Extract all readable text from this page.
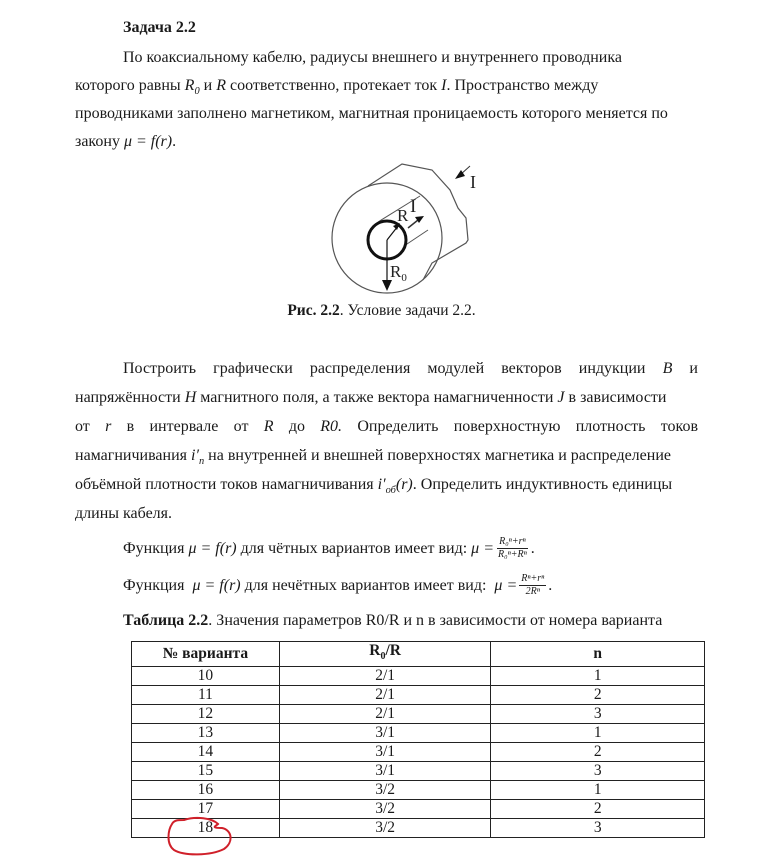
Задача 2.2
По коаксиальному кабелю, радиусы внешнего и внутреннего проводника
которого равны $R_0$ и R соответственно, протекает ток I. Пространство между
проводниками заполнено магнетиком, магнитная проницаемость которого меняется по
закону μ = f(r).
I
I
R
$R_0$
Рис. 2.2. Условие задачи 2.2.
Построить графически распределения модулей векторов индукции B и
напряжённости H магнитного поля, а также вектора намагниченности J в зависимости
от r в интервале от R до R0. Определить поверхностную плотность токов
намагничивания $i'_п$ на внутренней и внешней поверхностях магнетика и распределение
объёмной плотности токов намагничивания $i'_{об}(r)$. Определить индуктивность единицы
длины кабеля.
Функция μ = f(r) для чётных вариантов имеет вид: $\mu = \frac{\text{R₀ⁿ+rⁿ}}{\text{R₀ⁿ+Rⁿ}}$ .
Функция μ = f(r) для нечётных вариантов имеет вид: $\mu = \frac{\text{Rⁿ+rⁿ}}{\text{2Rⁿ}}$ .
Таблица 2.2. Значения параметров R0/R и n в зависимости от номера варианта
№ варианта	$R_0/R$	n
10	2/1	1
11	2/1	2
12	2/1	3
13	3/1	1
14	3/1	2
15	3/1	3
16	3/2	1
17	3/2	2
18	3/2	3
